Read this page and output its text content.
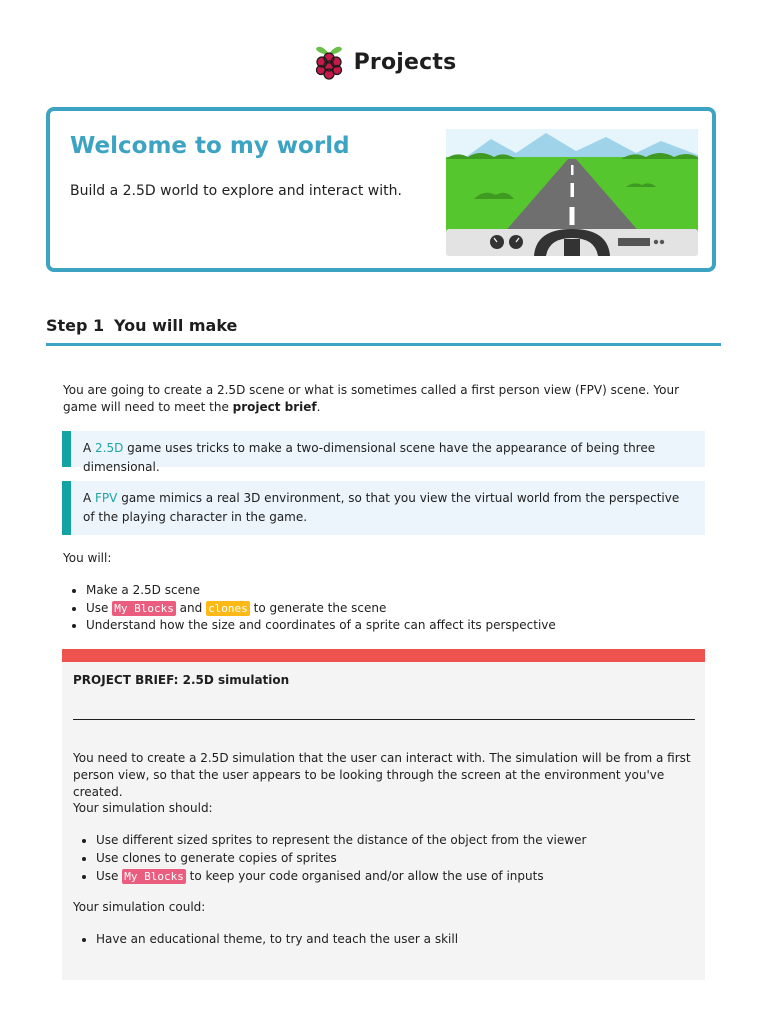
Projects
Welcome to my world

Build a 2.5D world to explore and interact with.

Step 1 You will make
You are going to create a 2.5D scene or what is sometimes called a first person view (FPV) scene. Your game will need to meet the project brief.
A 2.5D game uses tricks to make a two-dimensional scene have the appearance of being three dimensional.
A FPV game mimics a real 3D environment, so that you view the virtual world from the perspective of the playing character in the game.
You will:
• Make a 2.5D scene
• Use My Blocks and clones to generate the scene
• Understand how the size and coordinates of a sprite can affect its perspective
PROJECT BRIEF: 2.5D simulation
You need to create a 2.5D simulation that the user can interact with. The simulation will be from a first person view, so that the user appears to be looking through the screen at the environment you've created.
Your simulation should:
• Use different sized sprites to represent the distance of the object from the viewer
• Use clones to generate copies of sprites
• Use My Blocks to keep your code organised and/or allow the use of inputs
Your simulation could:
• Have an educational theme, to try and teach the user a skill
